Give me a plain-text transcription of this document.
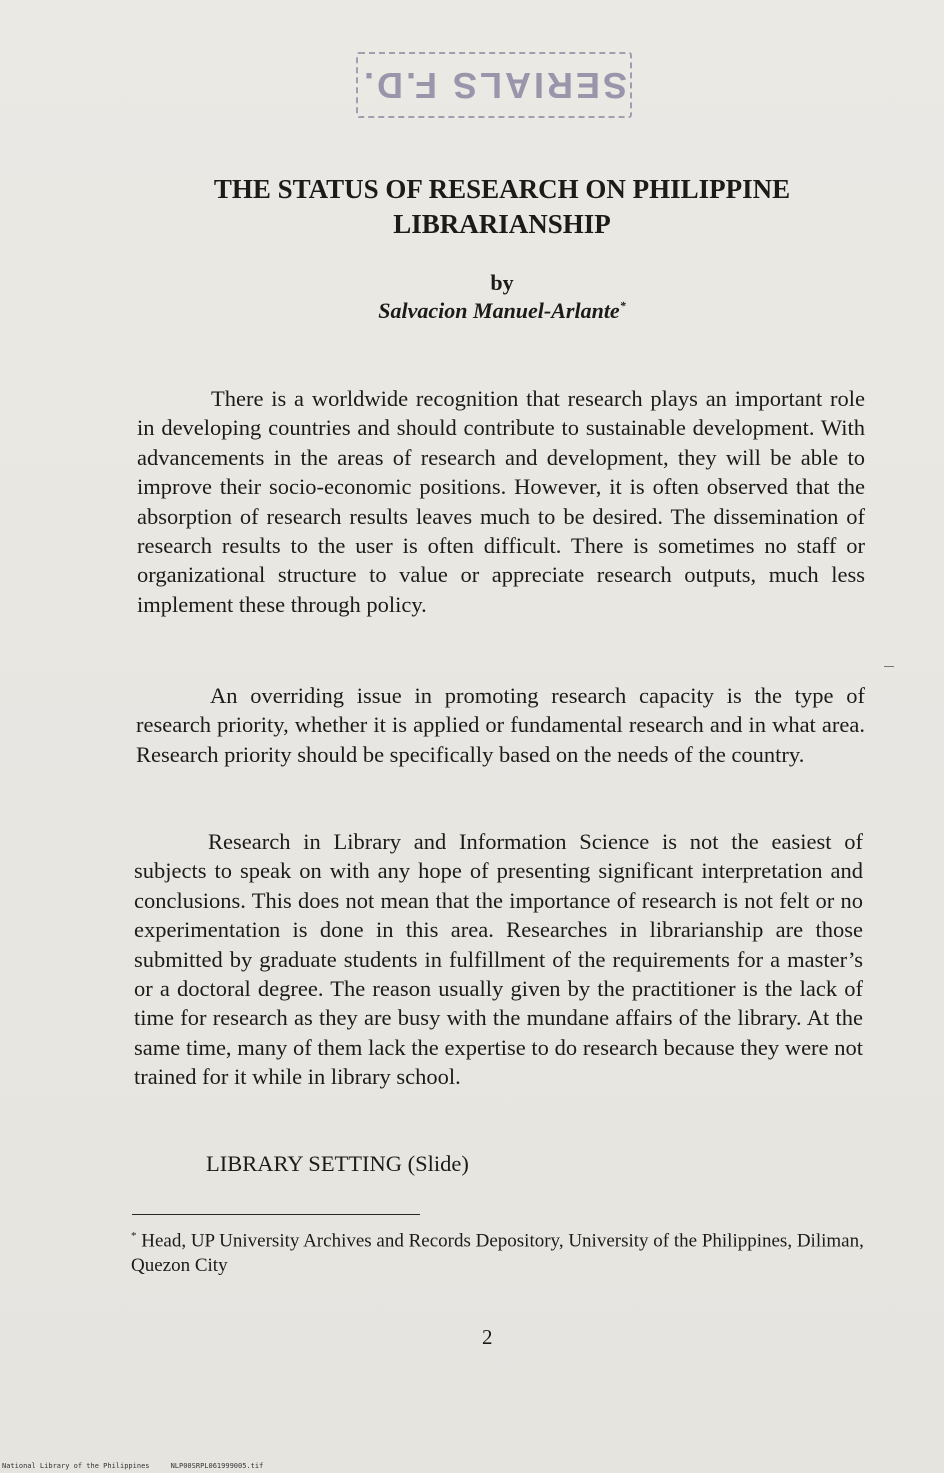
SERIALS F.D.
THE STATUS OF RESEARCH ON PHILIPPINE LIBRARIANSHIP

by

Salvacion Manuel-Arlante*

There is a worldwide recognition that research plays an important role in developing countries and should contribute to sustainable development. With advancements in the areas of research and development, they will be able to improve their socio-economic positions. However, it is often observed that the absorption of research results leaves much to be desired. The dissemination of research results to the user is often difficult. There is sometimes no staff or organizational structure to value or appreciate research outputs, much less implement these through policy.

An overriding issue in promoting research capacity is the type of research priority, whether it is applied or fundamental research and in what area. Research priority should be specifically based on the needs of the country.

Research in Library and Information Science is not the easiest of subjects to speak on with any hope of presenting significant interpretation and conclusions. This does not mean that the importance of research is not felt or no experimentation is done in this area. Researches in librarianship are those submitted by graduate students in fulfillment of the requirements for a master’s or a doctoral degree. The reason usually given by the practitioner is the lack of time for research as they are busy with the mundane affairs of the library. At the same time, many of them lack the expertise to do research because they were not trained for it while in library school.

LIBRARY SETTING (Slide)

* Head, UP University Archives and Records Depository, University of the Philippines, Diliman, Quezon City

2

National Library of the Philippines     NLP00SRPL061999005.tif
